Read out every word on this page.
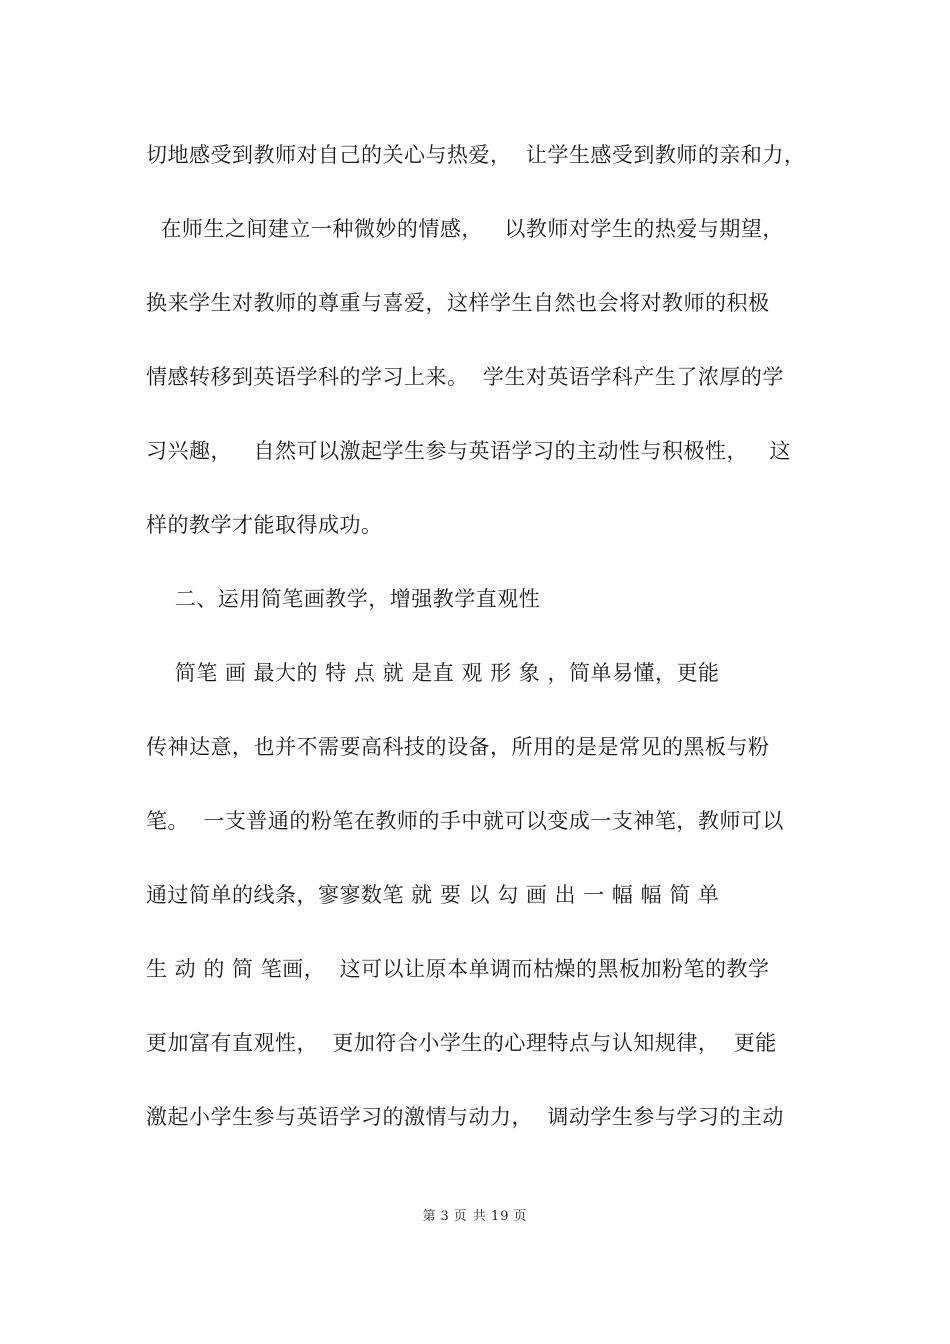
切地感受到教师对自己的关心与热爱，  让学生感受到教师的亲和力，
在师生之间建立一种微妙的情感，   以教师对学生的热爱与期望，
换来学生对教师的尊重与喜爱，这样学生自然也会将对教师的积极
情感转移到英语学科的学习上来。  学生对英语学科产生了浓厚的学
习兴趣，   自然可以激起学生参与英语学习的主动性与积极性，   这
样的教学才能取得成功。
二、运用简笔画教学，增强教学直观性
简笔 画 最大的 特 点 就 是直 观 形 象 ，简单易懂，更能
传神达意，也并不需要高科技的设备，所用的是是常见的黑板与粉
笔。  一支普通的粉笔在教师的手中就可以变成一支神笔，教师可以
通过简单的线条，寥寥数笔 就 要 以 勾 画 出 一 幅 幅 简 单
生 动 的 简 笔画，  这可以让原本单调而枯燥的黑板加粉笔的教学
更加富有直观性，  更加符合小学生的心理特点与认知规律，  更能
激起小学生参与英语学习的激情与动力，  调动学生参与学习的主动
第 3 页 共 19 页
